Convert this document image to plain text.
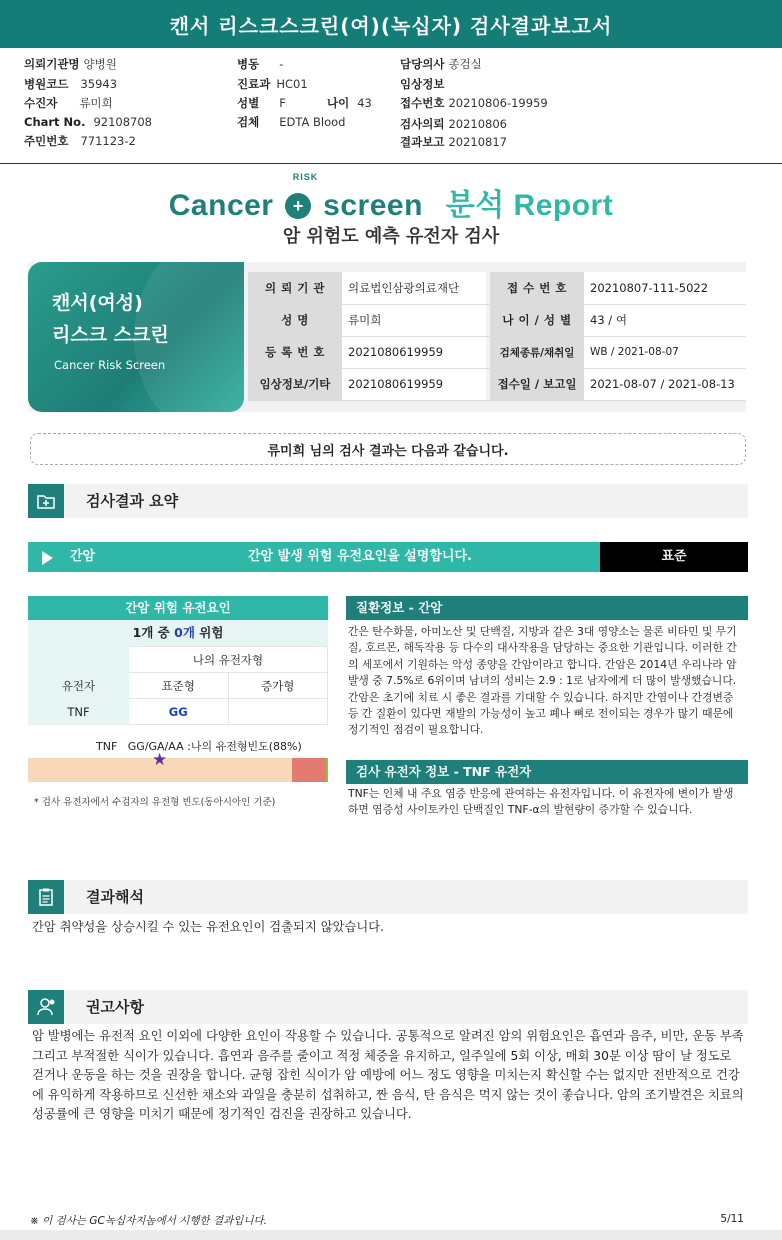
캔서 리스크스크린(여)(녹십자) 검사결과보고서
의뢰기관명 양병원
병원코드 35943
수진자 류미희
Chart No. 92108708
주민번호 771123-2
병동 -
진료과 HC01
성별 F	나이 43
검체 EDTA Blood
담당의사 종검실
임상정보
접수번호 20210806-19959
검사의뢰 20210806
결과보고 20210817
Cancer
RISK
+ screen 분석 Report
암 위험도 예측 유전자 검사
캔서(여성)
리스크 스크린
Cancer Risk Screen
의 뢰 기 관	의료법인삼광의료재단		접 수 번 호	20210807-111-5022
성 명	류미희		나 이 / 성 별	43 / 여
등 록 번 호	2021080619959		검체종류/채취일	WB / 2021-08-07
임상정보/기타	2021080619959		접수일 / 보고일	2021-08-07 / 2021-08-13
류미희 님의 검사 결과는 다음과 같습니다.
검사결과 요약
간암	간암 발생 위험 유전요인을 설명합니다.	표준
간암 위험 유전요인
1개 중 0개 위험
	나의 유전자형	
유전자	표준형	증가형
TNF	GG	
TNF   GG/GA/AA :나의 유전형빈도(88%)
★
* 검사 유전자에서 수검자의 유전형 빈도(동아시아인 기준)
질환정보 - 간암
간은 탄수화물, 아미노산 및 단백질, 지방과 같은 3대 영양소는 물론 비타민 및 무기질, 호르몬, 해독작용 등 다수의 대사작용을 담당하는 중요한 기관입니다. 이러한 간의 세포에서 기원하는 악성 종양을 간암이라고 합니다. 간암은 2014년 우리나라 암 발생 중 7.5%로 6위이며 남녀의 성비는 2.9 : 1로 남자에게 더 많이 발생했습니다. 간암은 초기에 치료 시 좋은 결과를 기대할 수 있습니다. 하지만 간염이나 간경변증 등 간 질환이 있다면 재발의 가능성이 높고 폐나 뼈로 전이되는 경우가 많기 때문에 정기적인 점검이 필요합니다.
검사 유전자 정보 - TNF 유전자
TNF는 인체 내 주요 염증 반응에 관여하는 유전자입니다. 이 유전자에 변이가 발생하면 염증성 사이토카인 단백질인 TNF-α의 발현량이 증가할 수 있습니다.
결과해석
간암 취약성을 상승시킬 수 있는 유전요인이 검출되지 않았습니다.
권고사항
암 발병에는 유전적 요인 이외에 다양한 요인이 작용할 수 있습니다. 공통적으로 알려진 암의 위험요인은 흡연과 음주, 비만, 운동 부족 그리고 부적절한 식이가 있습니다. 흡연과 음주를 줄이고 적정 체중을 유지하고, 일주일에 5회 이상, 매회 30분 이상 땀이 날 정도로 걷거나 운동을 하는 것을 권장을 합니다. 균형 잡힌 식이가 암 예방에 어느 정도 영향을 미치는지 확신할 수는 없지만 전반적으로 건강에 유익하게 작용하므로 신선한 채소와 과일을 충분히 섭취하고, 짠 음식, 탄 음식은 먹지 않는 것이 좋습니다. 암의 조기발견은 치료의 성공률에 큰 영향을 미치기 때문에 정기적인 검진을 권장하고 있습니다.
※ 이 검사는 GC녹십자지놈에서 시행한 결과입니다.	5/11
